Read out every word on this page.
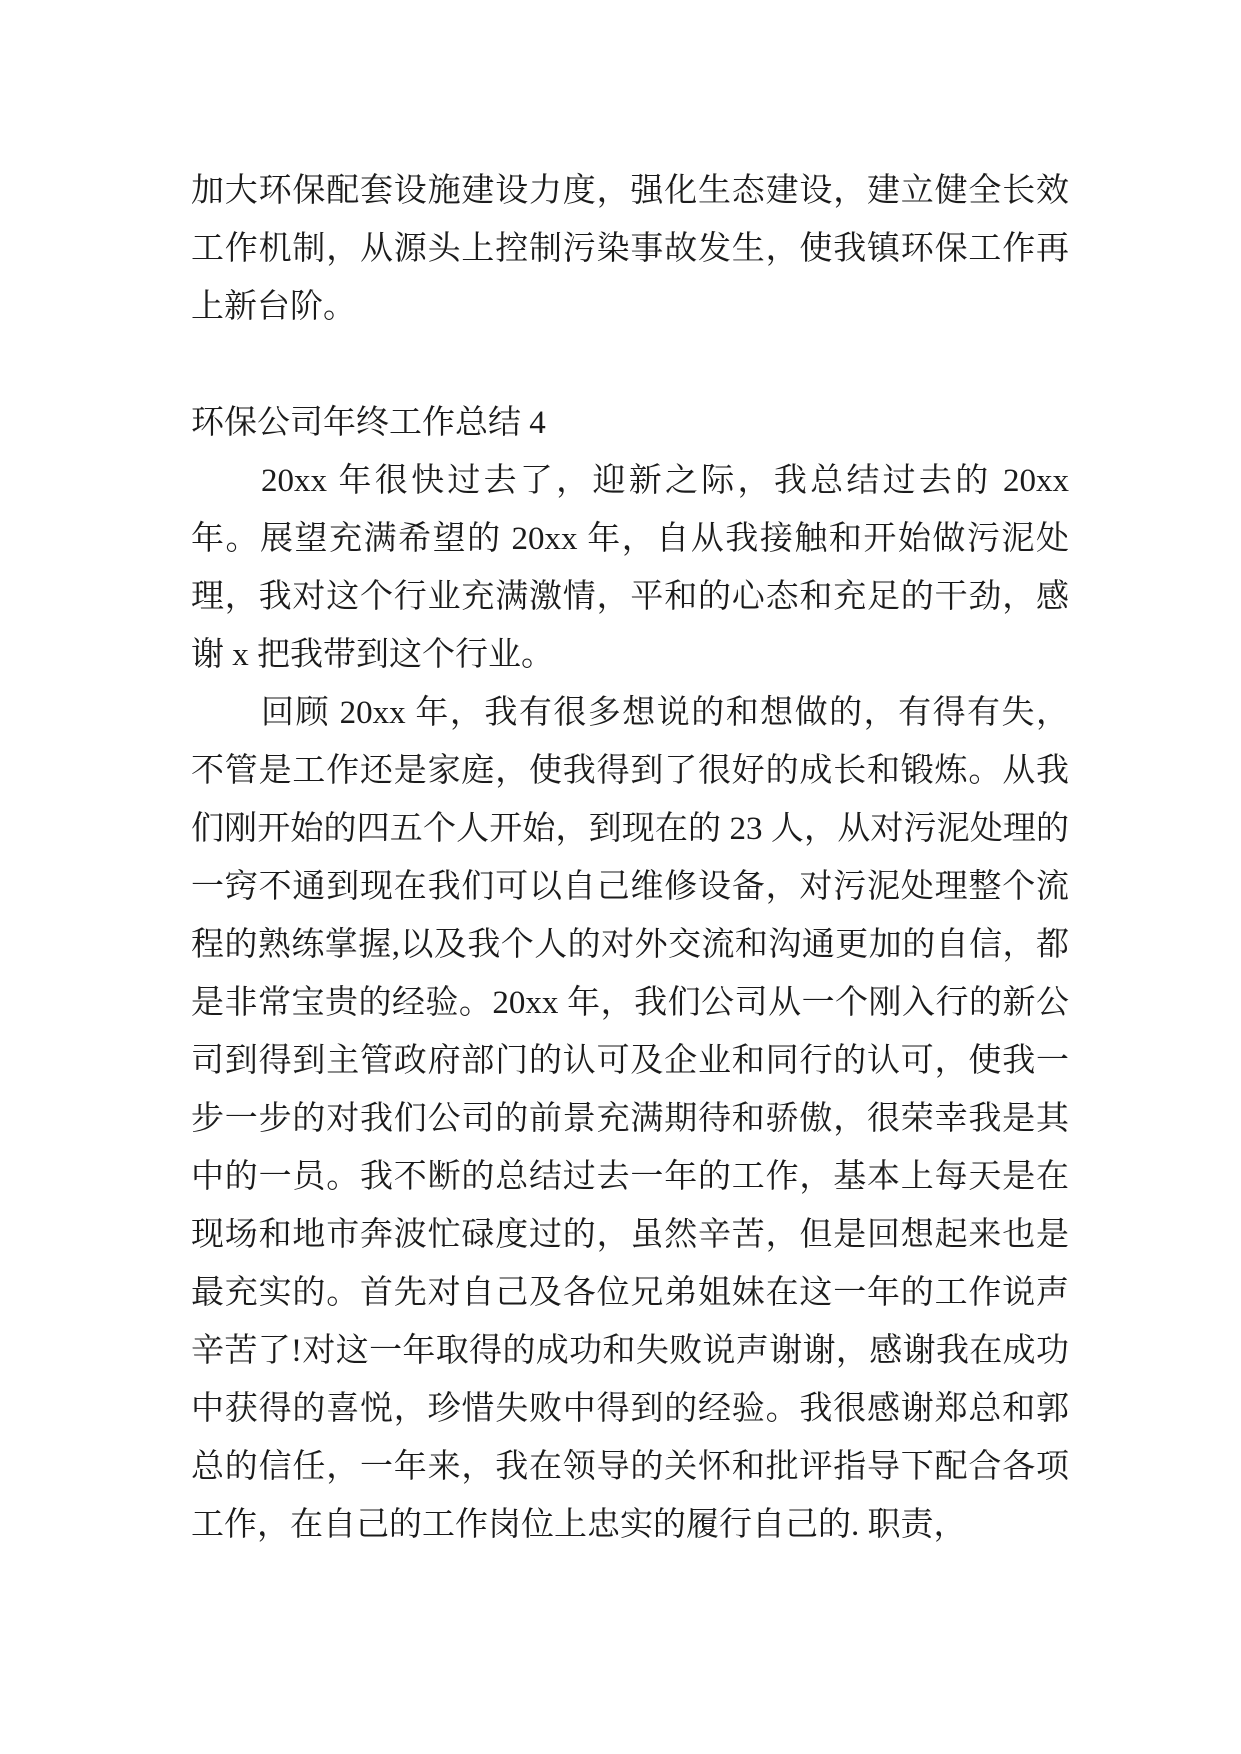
加大环保配套设施建设力度，强化生态建设，建立健全长效工作机制，从源头上控制污染事故发生，使我镇环保工作再上新台阶。

环保公司年终工作总结 4

20xx 年很快过去了，迎新之际，我总结过去的 20xx 年。展望充满希望的 20xx 年，自从我接触和开始做污泥处理，我对这个行业充满激情，平和的心态和充足的干劲，感谢 x 把我带到这个行业。

回顾 20xx 年，我有很多想说的和想做的，有得有失，不管是工作还是家庭，使我得到了很好的成长和锻炼。从我们刚开始的四五个人开始，到现在的 23 人，从对污泥处理的一窍不通到现在我们可以自己维修设备，对污泥处理整个流程的熟练掌握,以及我个人的对外交流和沟通更加的自信，都是非常宝贵的经验。20xx 年，我们公司从一个刚入行的新公司到得到主管政府部门的认可及企业和同行的认可，使我一步一步的对我们公司的前景充满期待和骄傲，很荣幸我是其中的一员。我不断的总结过去一年的工作，基本上每天是在现场和地市奔波忙碌度过的，虽然辛苦，但是回想起来也是最充实的。首先对自己及各位兄弟姐妹在这一年的工作说声辛苦了!对这一年取得的成功和失败说声谢谢，感谢我在成功中获得的喜悦，珍惜失败中得到的经验。我很感谢郑总和郭总的信任，一年来，我在领导的关怀和批评指导下配合各项工作，在自己的工作岗位上忠实的履行自己的. 职责，
